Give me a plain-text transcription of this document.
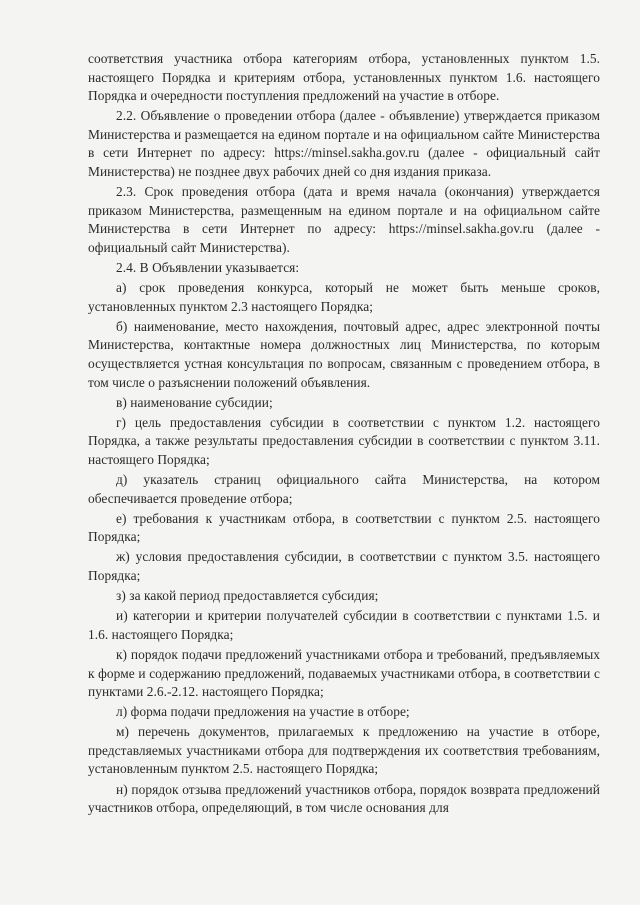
соответствия участника отбора категориям отбора, установленных пунктом 1.5. настоящего Порядка и критериям отбора, установленных пунктом 1.6. настоящего Порядка и очередности поступления предложений на участие в отборе.

2.2. Объявление о проведении отбора (далее - объявление) утверждается приказом Министерства и размещается на едином портале и на официальном сайте Министерства в сети Интернет по адресу: https://minsel.sakha.gov.ru (далее - официальный сайт Министерства) не позднее двух рабочих дней со дня издания приказа.

2.3. Срок проведения отбора (дата и время начала (окончания) утверждается приказом Министерства, размещенным на едином портале и на официальном сайте Министерства в сети Интернет по адресу: https://minsel.sakha.gov.ru (далее - официальный сайт Министерства).

2.4. В Объявлении указывается:

а) срок проведения конкурса, который не может быть меньше сроков, установленных пунктом 2.3 настоящего Порядка;

б) наименование, место нахождения, почтовый адрес, адрес электронной почты Министерства, контактные номера должностных лиц Министерства, по которым осуществляется устная консультация по вопросам, связанным с проведением отбора, в том числе о разъяснении положений объявления.

в) наименование субсидии;

г) цель предоставления субсидии в соответствии с пунктом 1.2. настоящего Порядка, а также результаты предоставления субсидии в соответствии с пунктом 3.11. настоящего Порядка;

д) указатель страниц официального сайта Министерства, на котором обеспечивается проведение отбора;

е) требования к участникам отбора, в соответствии с пунктом 2.5. настоящего Порядка;

ж) условия предоставления субсидии, в соответствии с пунктом 3.5. настоящего Порядка;

з) за какой период предоставляется субсидия;

и) категории и критерии получателей субсидии в соответствии с пунктами 1.5. и 1.6. настоящего Порядка;

к) порядок подачи предложений участниками отбора и требований, предъявляемых к форме и содержанию предложений, подаваемых участниками отбора, в соответствии с пунктами 2.6.-2.12. настоящего Порядка;

л) форма подачи предложения на участие в отборе;

м) перечень документов, прилагаемых к предложению на участие в отборе, представляемых участниками отбора для подтверждения их соответствия требованиям, установленным пунктом 2.5. настоящего Порядка;

н) порядок отзыва предложений участников отбора, порядок возврата предложений участников отбора, определяющий, в том числе основания для
